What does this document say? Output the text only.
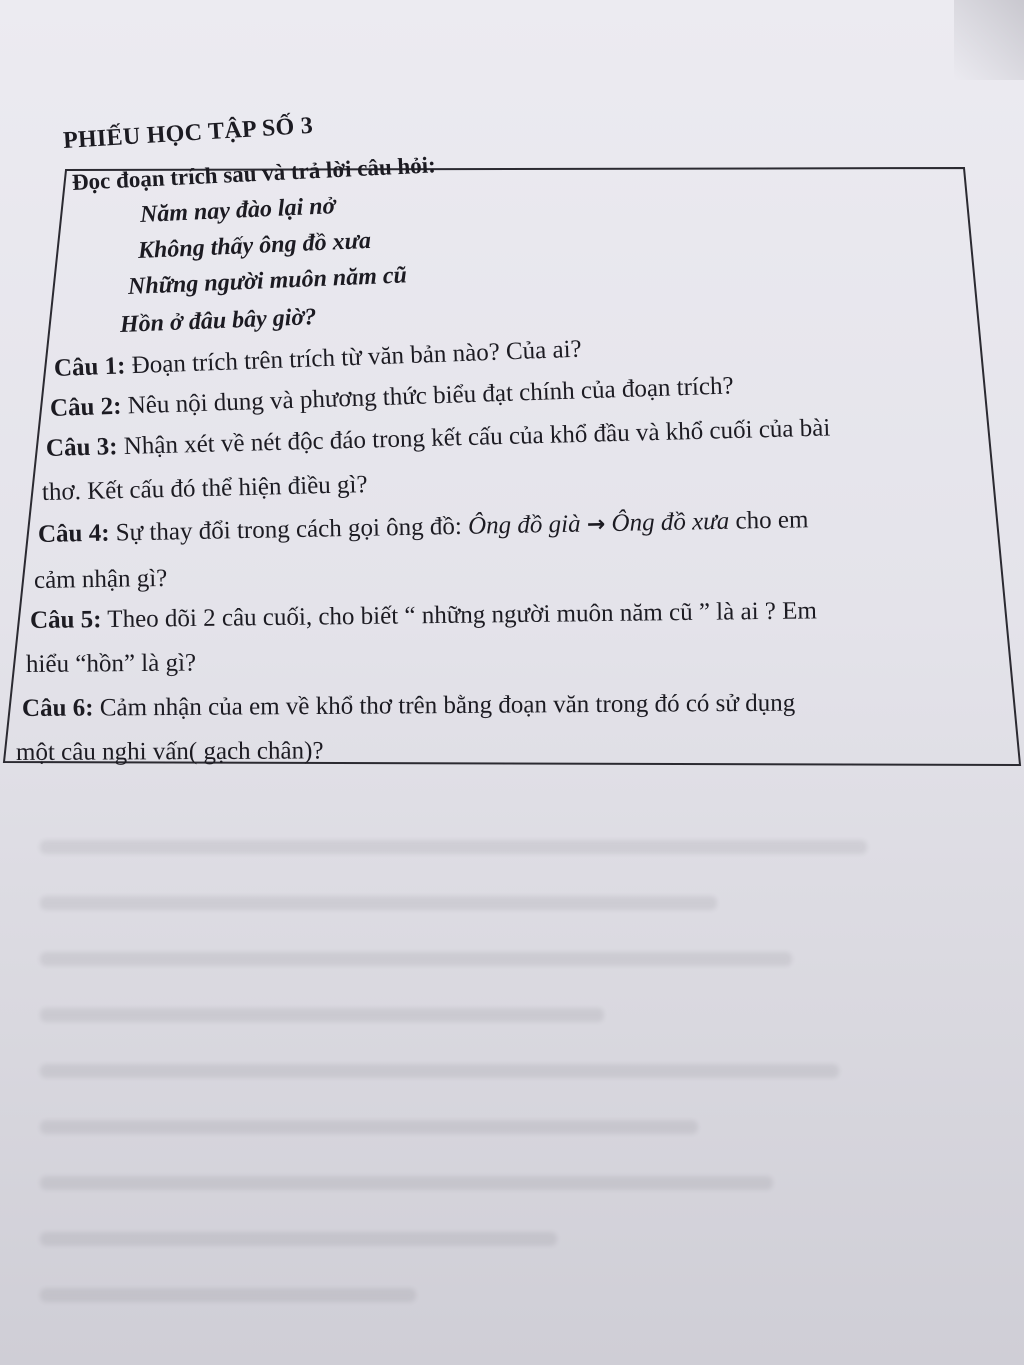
PHIẾU HỌC TẬP SỐ 3
Đọc đoạn trích sau và trả lời câu hỏi:
Năm nay đào lại nở
Không thấy ông đồ xưa
Những người muôn năm cũ
Hồn ở đâu bây giờ?
Câu 1: Đoạn trích trên trích từ văn bản nào? Của ai?
Câu 2: Nêu nội dung và phương thức biểu đạt chính của đoạn trích?
Câu 3: Nhận xét về nét độc đáo trong kết cấu của khổ đầu và khổ cuối của bài
thơ. Kết cấu đó thể hiện điều gì?
Câu 4: Sự thay đổi trong cách gọi ông đồ: Ông đồ già → Ông đồ xưa cho em
cảm nhận gì?
Câu 5: Theo dõi 2 câu cuối, cho biết “ những người muôn năm cũ ” là ai ? Em
hiểu “hồn” là gì?
Câu 6: Cảm nhận của em về khổ thơ trên bằng đoạn văn trong đó có sử dụng
một câu nghi vấn( gạch chân)?
